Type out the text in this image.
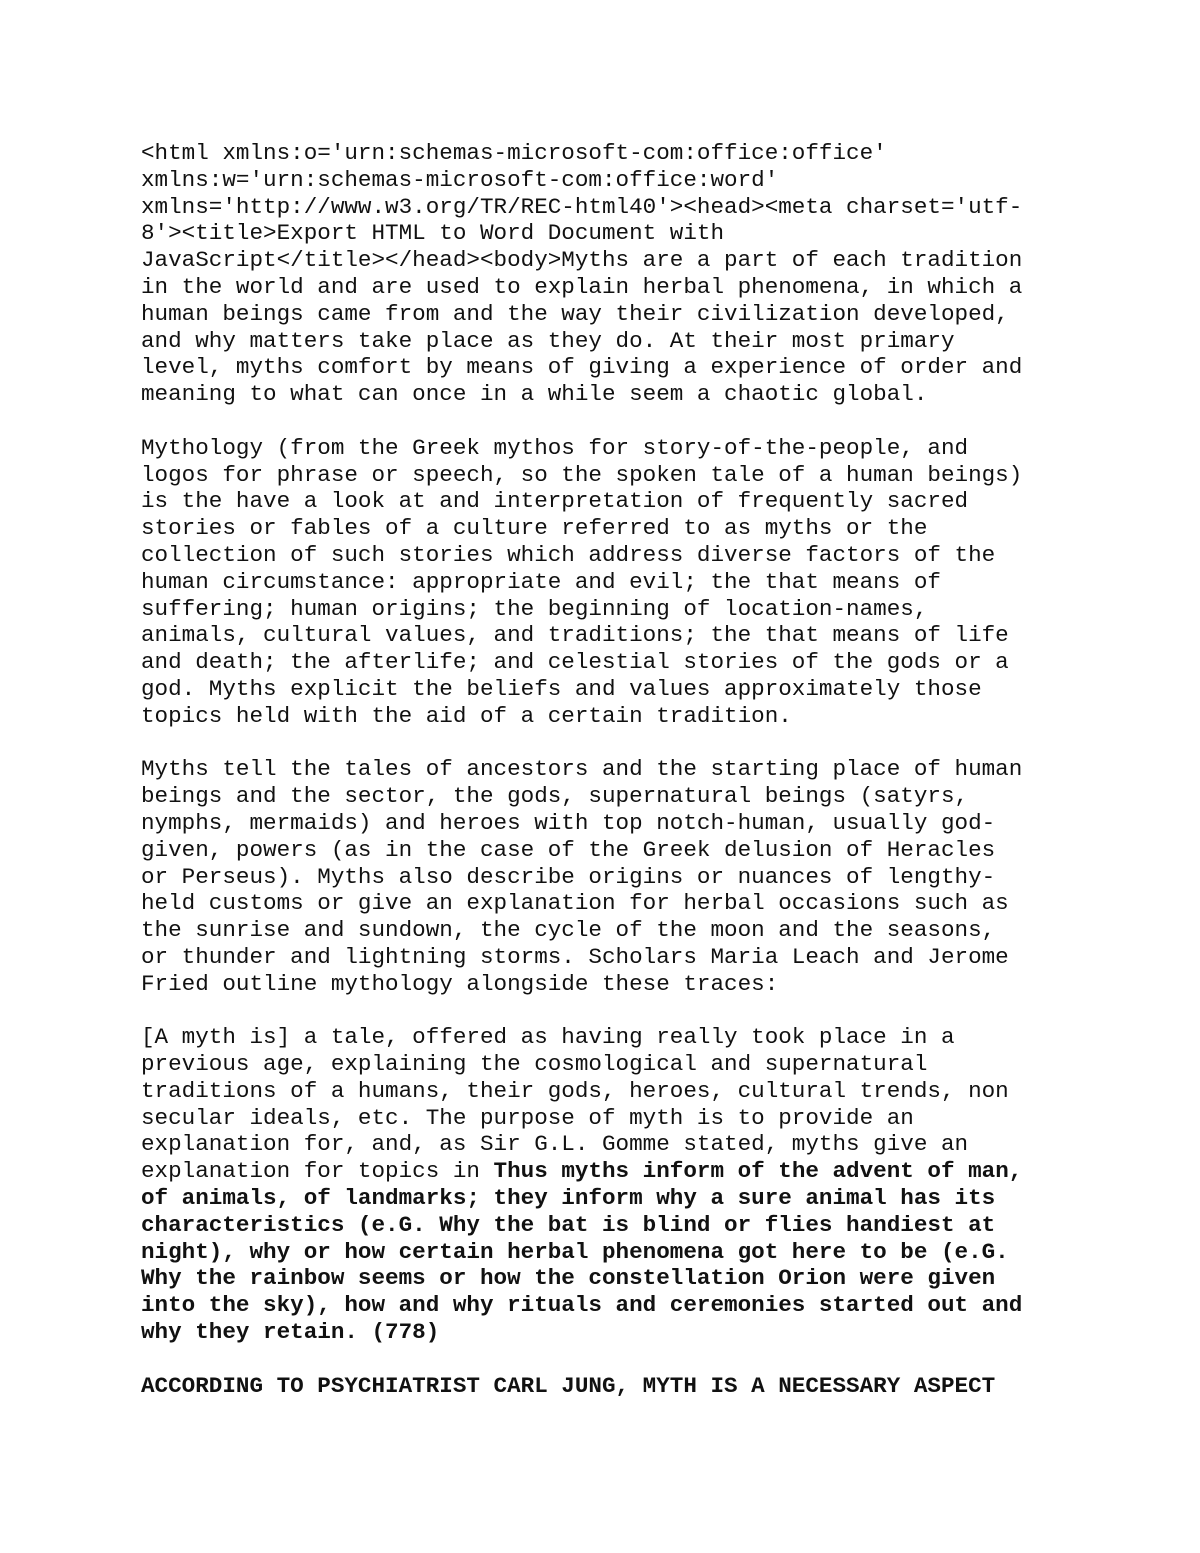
<html xmlns:o='urn:schemas-microsoft-com:office:office'
xmlns:w='urn:schemas-microsoft-com:office:word'
xmlns='http://www.w3.org/TR/REC-html40'><head><meta charset='utf-
8'><title>Export HTML to Word Document with
JavaScript</title></head><body>Myths are a part of each tradition
in the world and are used to explain herbal phenomena, in which a
human beings came from and the way their civilization developed,
and why matters take place as they do. At their most primary
level, myths comfort by means of giving a experience of order and
meaning to what can once in a while seem a chaotic global.
Mythology (from the Greek mythos for story-of-the-people, and
logos for phrase or speech, so the spoken tale of a human beings)
is the have a look at and interpretation of frequently sacred
stories or fables of a culture referred to as myths or the
collection of such stories which address diverse factors of the
human circumstance: appropriate and evil; the that means of
suffering; human origins; the beginning of location-names,
animals, cultural values, and traditions; the that means of life
and death; the afterlife; and celestial stories of the gods or a
god. Myths explicit the beliefs and values approximately those
topics held with the aid of a certain tradition.
Myths tell the tales of ancestors and the starting place of human
beings and the sector, the gods, supernatural beings (satyrs,
nymphs, mermaids) and heroes with top notch-human, usually god-
given, powers (as in the case of the Greek delusion of Heracles
or Perseus). Myths also describe origins or nuances of lengthy-
held customs or give an explanation for herbal occasions such as
the sunrise and sundown, the cycle of the moon and the seasons,
or thunder and lightning storms. Scholars Maria Leach and Jerome
Fried outline mythology alongside these traces:
[A myth is] a tale, offered as having really took place in a
previous age, explaining the cosmological and supernatural
traditions of a humans, their gods, heroes, cultural trends, non
secular ideals, etc. The purpose of myth is to provide an
explanation for, and, as Sir G.L. Gomme stated, myths give an
explanation for topics in Thus myths inform of the advent of man,
of animals, of landmarks; they inform why a sure animal has its
characteristics (e.G. Why the bat is blind or flies handiest at
night), why or how certain herbal phenomena got here to be (e.G.
Why the rainbow seems or how the constellation Orion were given
into the sky), how and why rituals and ceremonies started out and
why they retain. (778)
ACCORDING TO PSYCHIATRIST CARL JUNG, MYTH IS A NECESSARY ASPECT
